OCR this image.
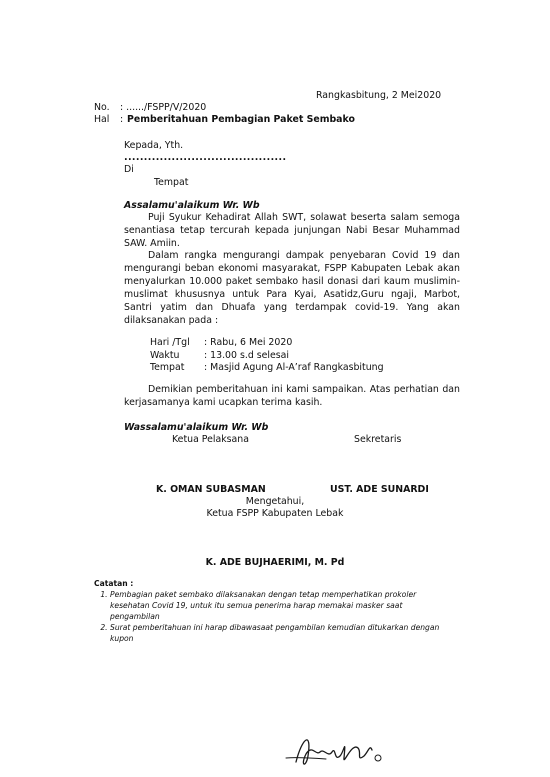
Rangkasbitung, 2 Mei2020
No. : ....../FSPP/V/2020
Hal : Pemberitahuan Pembagian Paket Sembako
Kepada, Yth.
.........................................
Di
Tempat
Assalamu'alaikum Wr. Wb
Puji Syukur Kehadirat Allah SWT, solawat beserta salam semoga senantiasa tetap tercurah kepada junjungan Nabi Besar Muhammad SAW. Amiin.
Dalam rangka mengurangi dampak penyebaran Covid 19 dan mengurangi beban ekonomi masyarakat, FSPP Kabupaten Lebak akan menyalurkan 10.000 paket sembako hasil donasi dari kaum muslimin-muslimat khususnya untuk Para Kyai, Asatidz,Guru ngaji, Marbot, Santri yatim dan Dhuafa yang terdampak covid-19. Yang akan dilaksanakan pada :
Hari /Tgl : Rabu, 6 Mei 2020
Waktu	: 13.00 s.d selesai
Tempat : Masjid Agung Al-A’raf Rangkasbitung
Demikian pemberitahuan ini kami sampaikan. Atas perhatian dan kerjasamanya kami ucapkan terima kasih.
Wassalamu'alaikum Wr. Wb
Ketua Pelaksana	Sekretaris
K. OMAN SUBASMAN	UST. ADE SUNARDI
Mengetahui,
Ketua FSPP Kabupaten Lebak
K. ADE BUJHAERIMI, M. Pd
Catatan :
1. Pembagian paket sembako dilaksanakan dengan tetap memperhatikan prokoler kesehatan Covid 19, untuk itu semua penerima harap memakai masker saat pengambilan
2. Surat pemberitahuan ini harap dibawasaat pengambilan kemudian ditukarkan dengan kupon
